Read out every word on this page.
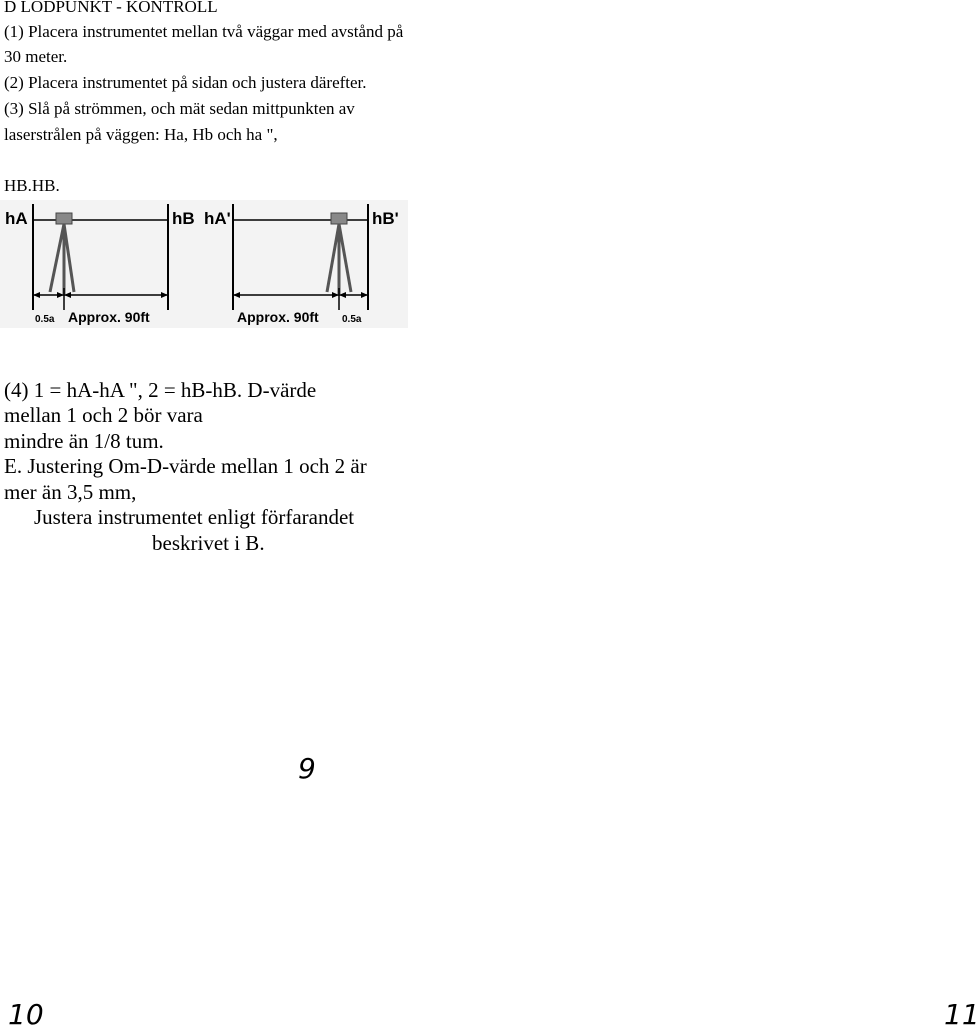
D LODPUNKT - KONTROLL
(1) Placera instrumentet mellan två väggar med avstånd på
30 meter.
(2) Placera instrumentet på sidan och justera därefter.
(3) Slå på strömmen, och mät sedan mittpunkten av
laserstrålen på väggen: Ha, Hb och ha ",
HB.HB.
hA	hB hA'	hB'
0.5a Approx. 90ft	Approx. 90ft 0.5a
(4) 1 = hA-hA ", 2 = hB-hB. D-värde
mellan 1 och 2 bör vara
mindre än 1/8 tum.
E. Justering Om-D-värde mellan 1 och 2 är
mer än 3,5 mm,
Justera instrumentet enligt förfarandet
beskrivet i B.
9
10	11
